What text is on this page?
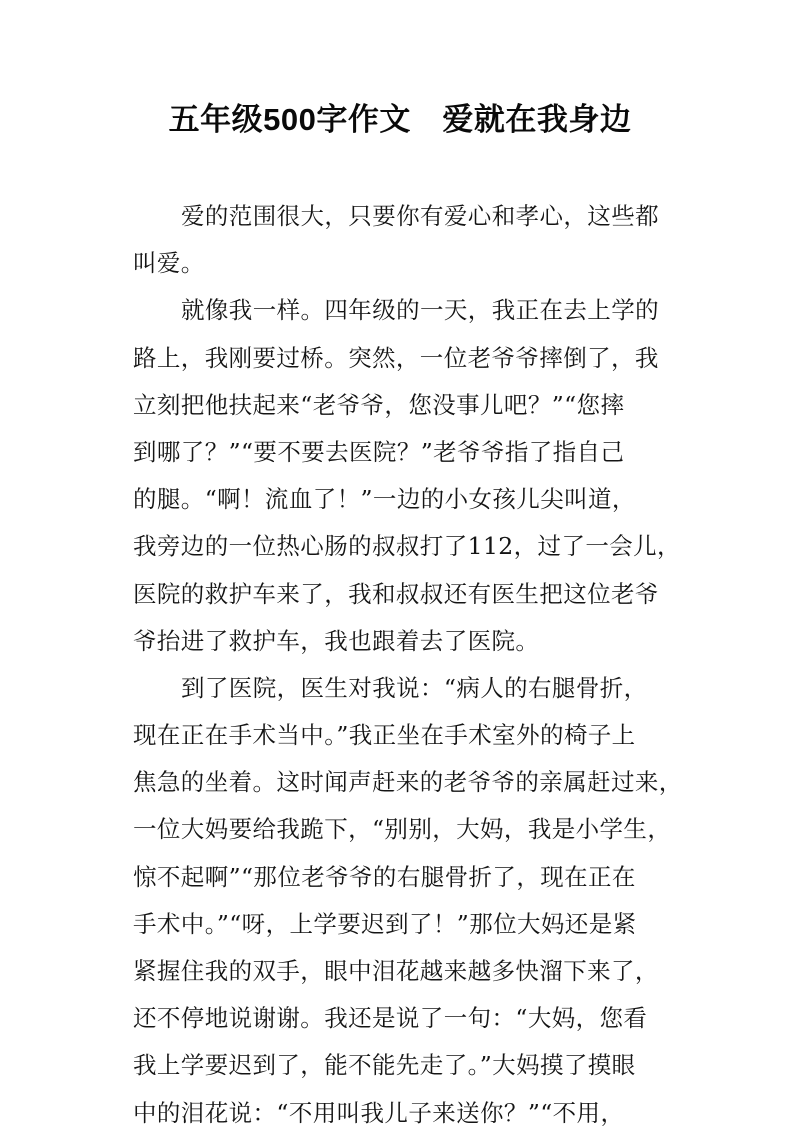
五年级500字作文　爱就在我身边
爱的范围很大，只要你有爱心和孝心，这些都
叫爱。
就像我一样。四年级的一天，我正在去上学的
路上，我刚要过桥。突然，一位老爷爷摔倒了，我
立刻把他扶起来“老爷爷，您没事儿吧？”“您摔
到哪了？”“要不要去医院？”老爷爷指了指自己
的腿。“啊！流血了！”一边的小女孩儿尖叫道，
我旁边的一位热心肠的叔叔打了112，过了一会儿，
医院的救护车来了，我和叔叔还有医生把这位老爷
爷抬进了救护车，我也跟着去了医院。
到了医院，医生对我说：“病人的右腿骨折，
现在正在手术当中。”我正坐在手术室外的椅子上
焦急的坐着。这时闻声赶来的老爷爷的亲属赶过来，
一位大妈要给我跪下，“别别，大妈，我是小学生，
惊不起啊”“那位老爷爷的右腿骨折了，现在正在
手术中。”“呀，上学要迟到了！”那位大妈还是紧
紧握住我的双手，眼中泪花越来越多快溜下来了，
还不停地说谢谢。我还是说了一句：“大妈，您看
我上学要迟到了，能不能先走了。”大妈摸了摸眼
中的泪花说：“不用叫我儿子来送你？”“不用，
